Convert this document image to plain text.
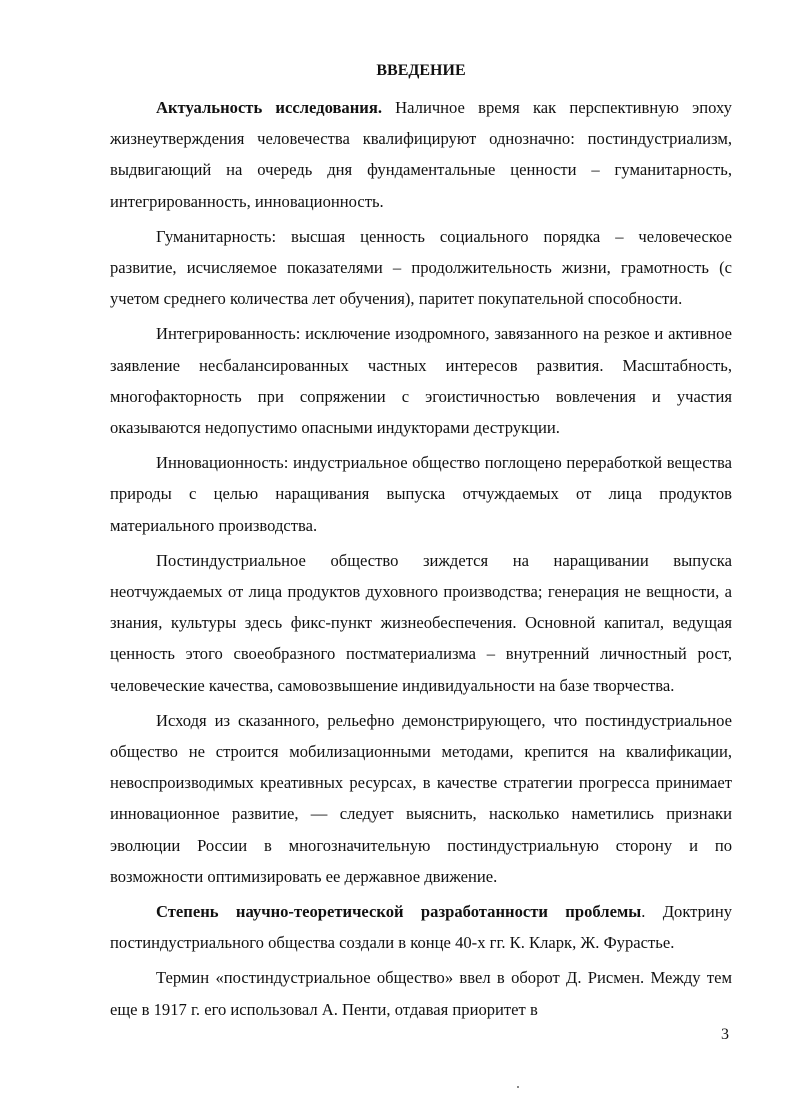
ВВЕДЕНИЕ

Актуальность исследования. Наличное время как перспективную эпоху жизнеутверждения человечества квалифицируют однозначно: постиндустриализм, выдвигающий на очередь дня фундаментальные ценности – гуманитарность, интегрированность, инновационность.

Гуманитарность: высшая ценность социального порядка – человеческое развитие, исчисляемое показателями – продолжительность жизни, грамотность (с учетом среднего количества лет обучения), паритет покупательной способности.

Интегрированность: исключение изодромного, завязанного на резкое и активное заявление несбалансированных частных интересов развития. Масштабность, многофакторность при сопряжении с эгоистичностью вовлечения и участия оказываются недопустимо опасными индукторами деструкции.

Инновационность: индустриальное общество поглощено переработкой вещества природы с целью наращивания выпуска отчуждаемых от лица продуктов материального производства.

Постиндустриальное общество зиждется на наращивании выпуска неотчуждаемых от лица продуктов духовного производства; генерация не вещности, а знания, культуры здесь фикс-пункт жизнеобеспечения. Основной капитал, ведущая ценность этого своеобразного постматериализма – внутренний личностный рост, человеческие качества, самовозвышение индивидуальности на базе творчества.

Исходя из сказанного, рельефно демонстрирующего, что постиндустриальное общество не строится мобилизационными методами, крепится на квалификации, невоспроизводимых креативных ресурсах, в качестве стратегии прогресса принимает инновационное развитие, — следует выяснить, насколько наметились признаки эволюции России в многозначительную постиндустриальную сторону и по возможности оптимизировать ее державное движение.

Степень научно-теоретической разработанности проблемы. Доктрину постиндустриального общества создали в конце 40-х гг. К. Кларк, Ж. Фурастье.

Термин «постиндустриальное общество» ввел в оборот Д. Рисмен. Между тем еще в 1917 г. его использовал А. Пенти, отдавая приоритет в

3
